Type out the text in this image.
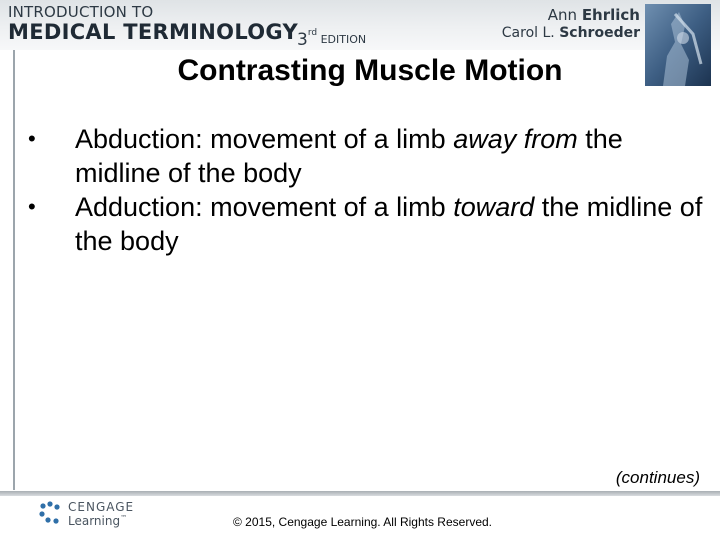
INTRODUCTION TO
MEDICAL TERMINOLOGY 3rd EDITION
Ann Ehrlich
Carol L. Schroeder
Contrasting Muscle Motion
•	Abduction: movement of a limb away from the midline of the body
•	Adduction: movement of a limb toward the midline of the body
(continues)
CENGAGE
Learning™	© 2015, Cengage Learning. All Rights Reserved.
